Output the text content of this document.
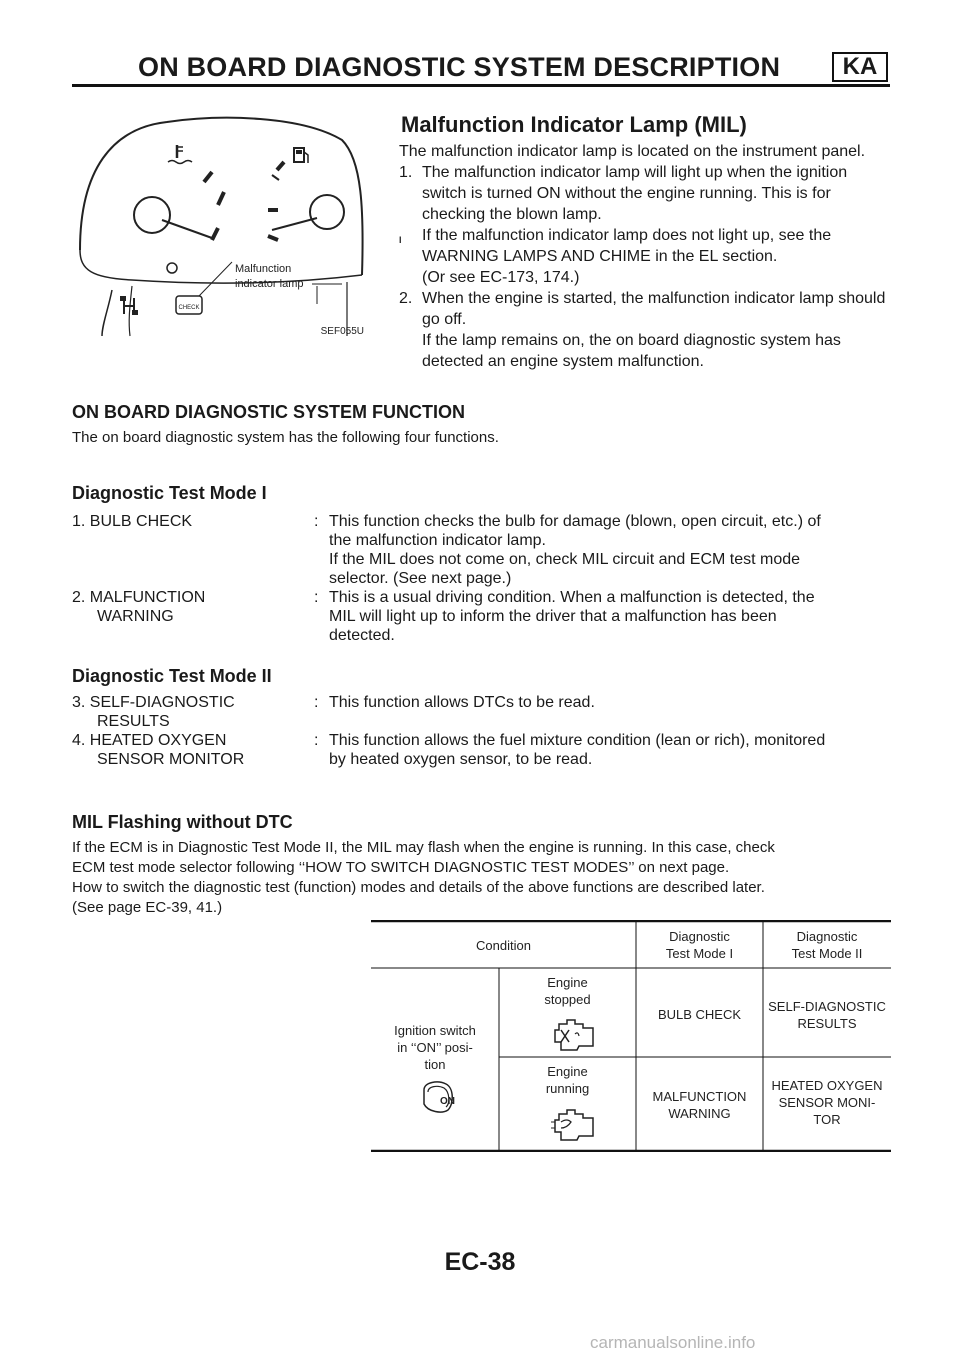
ON BOARD DIAGNOSTIC SYSTEM DESCRIPTION	KA
CHECK
Malfunction
indicator lamp
SEF055U
Malfunction Indicator Lamp (MIL)
The malfunction indicator lamp is located on the instrument panel.
1. The malfunction indicator lamp will light up when the ignition switch is turned ON without the engine running. This is for checking the blown lamp.
l If the malfunction indicator lamp does not light up, see the WARNING LAMPS AND CHIME in the EL section.
(Or see EC-173, 174.)
2. When the engine is started, the malfunction indicator lamp should go off.
If the lamp remains on, the on board diagnostic system has detected an engine system malfunction.
ON BOARD DIAGNOSTIC SYSTEM FUNCTION
The on board diagnostic system has the following four functions.
Diagnostic Test Mode I
1. BULB CHECK	: This function checks the bulb for damage (blown, open circuit, etc.) of
the malfunction indicator lamp.
If the MIL does not come on, check MIL circuit and ECM test mode
selector. (See next page.)
2. MALFUNCTION
WARNING
: This is a usual driving condition. When a malfunction is detected, the
MIL will light up to inform the driver that a malfunction has been
detected.
Diagnostic Test Mode II
3. SELF-DIAGNOSTIC
RESULTS
: This function allows DTCs to be read.
4. HEATED OXYGEN
SENSOR MONITOR
: This function allows the fuel mixture condition (lean or rich), monitored
by heated oxygen sensor, to be read.
MIL Flashing without DTC
If the ECM is in Diagnostic Test Mode II, the MIL may flash when the engine is running. In this case, check
ECM test mode selector following ‘‘HOW TO SWITCH DIAGNOSTIC TEST MODES’’ on next page.
How to switch the diagnostic test (function) modes and details of the above functions are described later.
(See page EC-39, 41.)
Condition
Diagnostic
Test Mode I
Diagnostic
Test Mode II
Ignition switch
in ‘‘ON’’ posi-
tion
ON
Engine
stopped
BULB CHECK
SELF-DIAGNOSTIC
RESULTS
Engine
running
MALFUNCTION
WARNING
HEATED OXYGEN
SENSOR MONI-
TOR
EC-38
carmanualsonline.info
